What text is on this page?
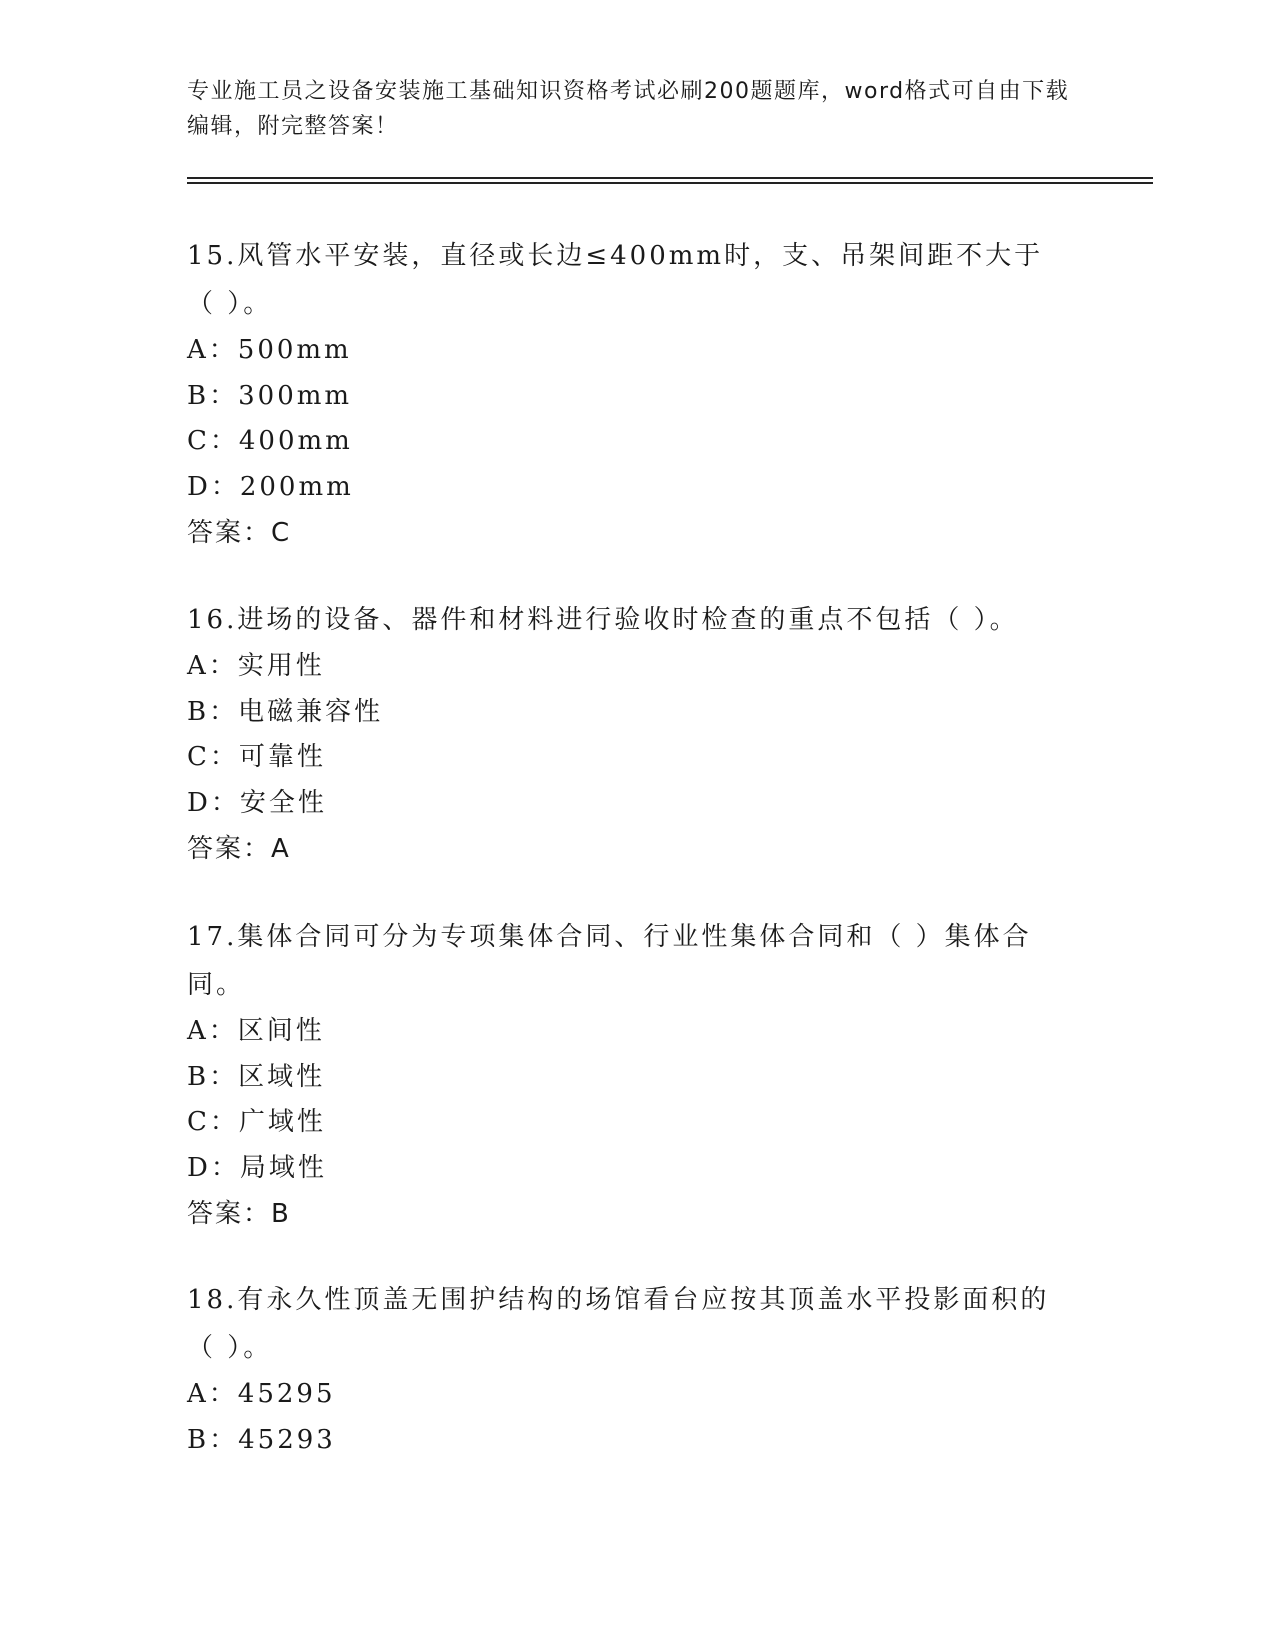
专业施工员之设备安装施工基础知识资格考试必刷200题题库，word格式可自由下载编辑，附完整答案！

15.风管水平安装，直径或长边≤400mm时，支、吊架间距不大于（ ）。

A：500mm

B：300mm

C：400mm

D：200mm

答案：C

16.进场的设备、器件和材料进行验收时检查的重点不包括（ ）。

A：实用性

B：电磁兼容性

C：可靠性

D：安全性

答案：A

17.集体合同可分为专项集体合同、行业性集体合同和（ ）集体合同。

A：区间性

B：区域性

C：广域性

D：局域性

答案：B

18.有永久性顶盖无围护结构的场馆看台应按其顶盖水平投影面积的（ ）。

A：45295

B：45293
